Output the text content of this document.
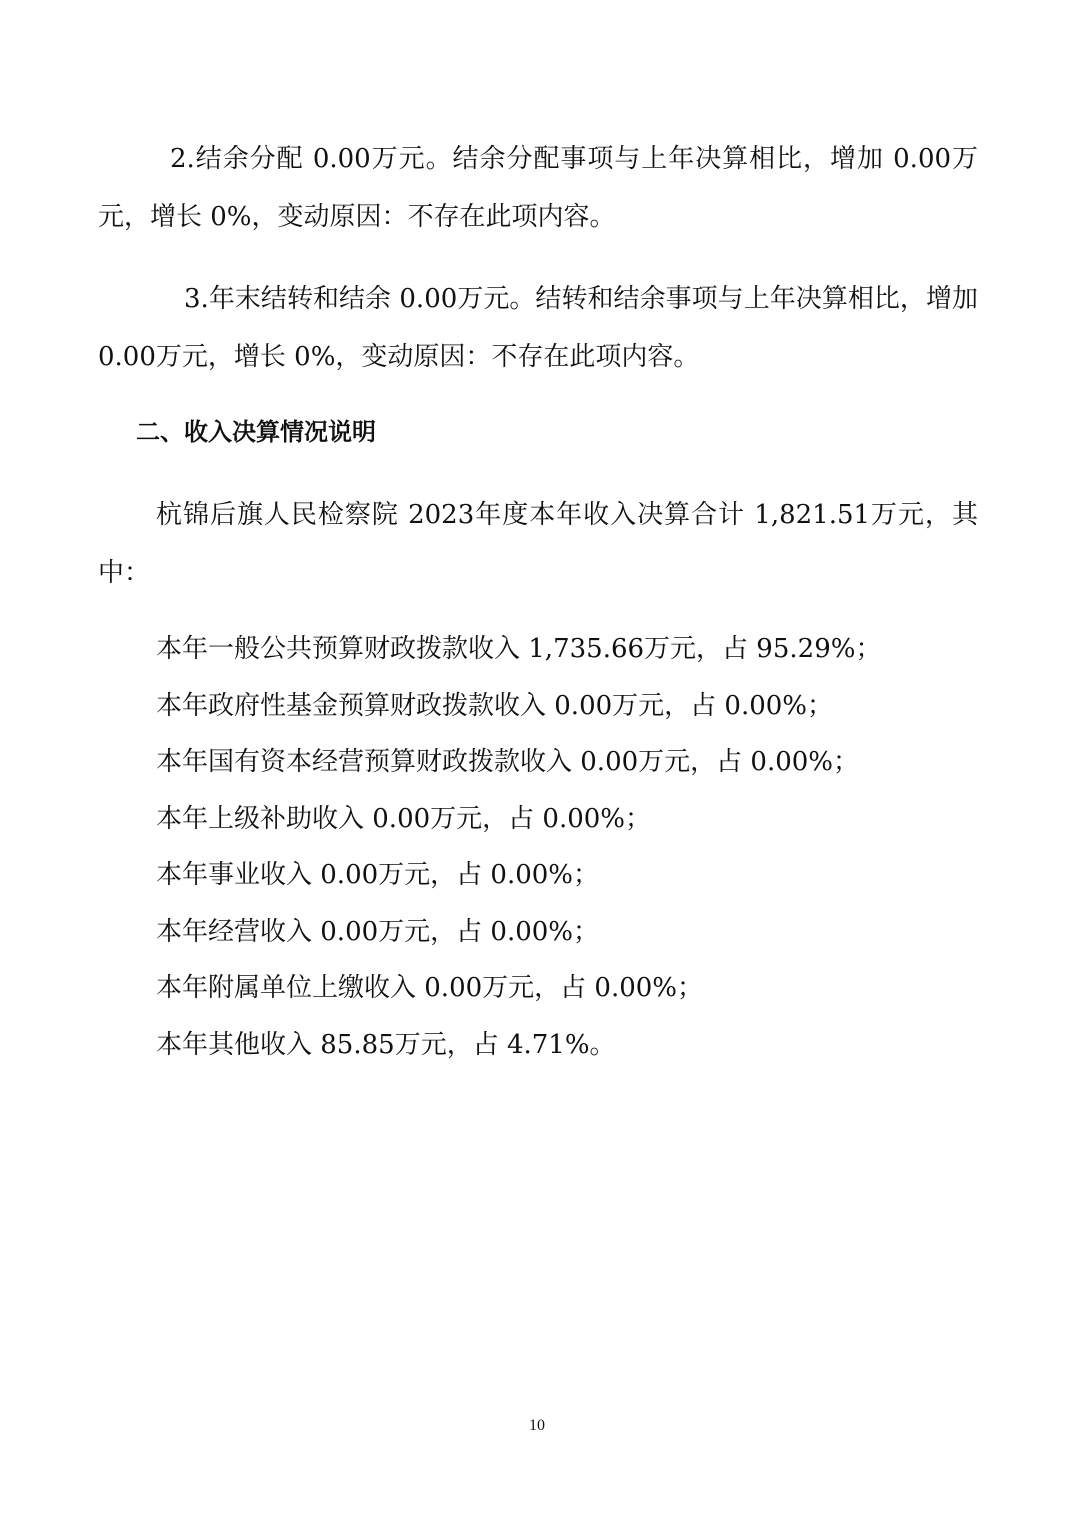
2.结余分配 0.00万元。结余分配事项与上年决算相比，增加 0.00万元，增长 0%，变动原因：不存在此项内容。

3.年末结转和结余 0.00万元。结转和结余事项与上年决算相比，增加 0.00万元，增长 0%，变动原因：不存在此项内容。

二、收入决算情况说明

杭锦后旗人民检察院 2023年度本年收入决算合计 1,821.51万元，其中：

本年一般公共预算财政拨款收入 1,735.66万元，占 95.29%；
本年政府性基金预算财政拨款收入 0.00万元，占 0.00%；
本年国有资本经营预算财政拨款收入 0.00万元，占 0.00%；
本年上级补助收入 0.00万元，占 0.00%；
本年事业收入 0.00万元，占 0.00%；
本年经营收入 0.00万元，占 0.00%；
本年附属单位上缴收入 0.00万元，占 0.00%；
本年其他收入 85.85万元，占 4.71%。
10
